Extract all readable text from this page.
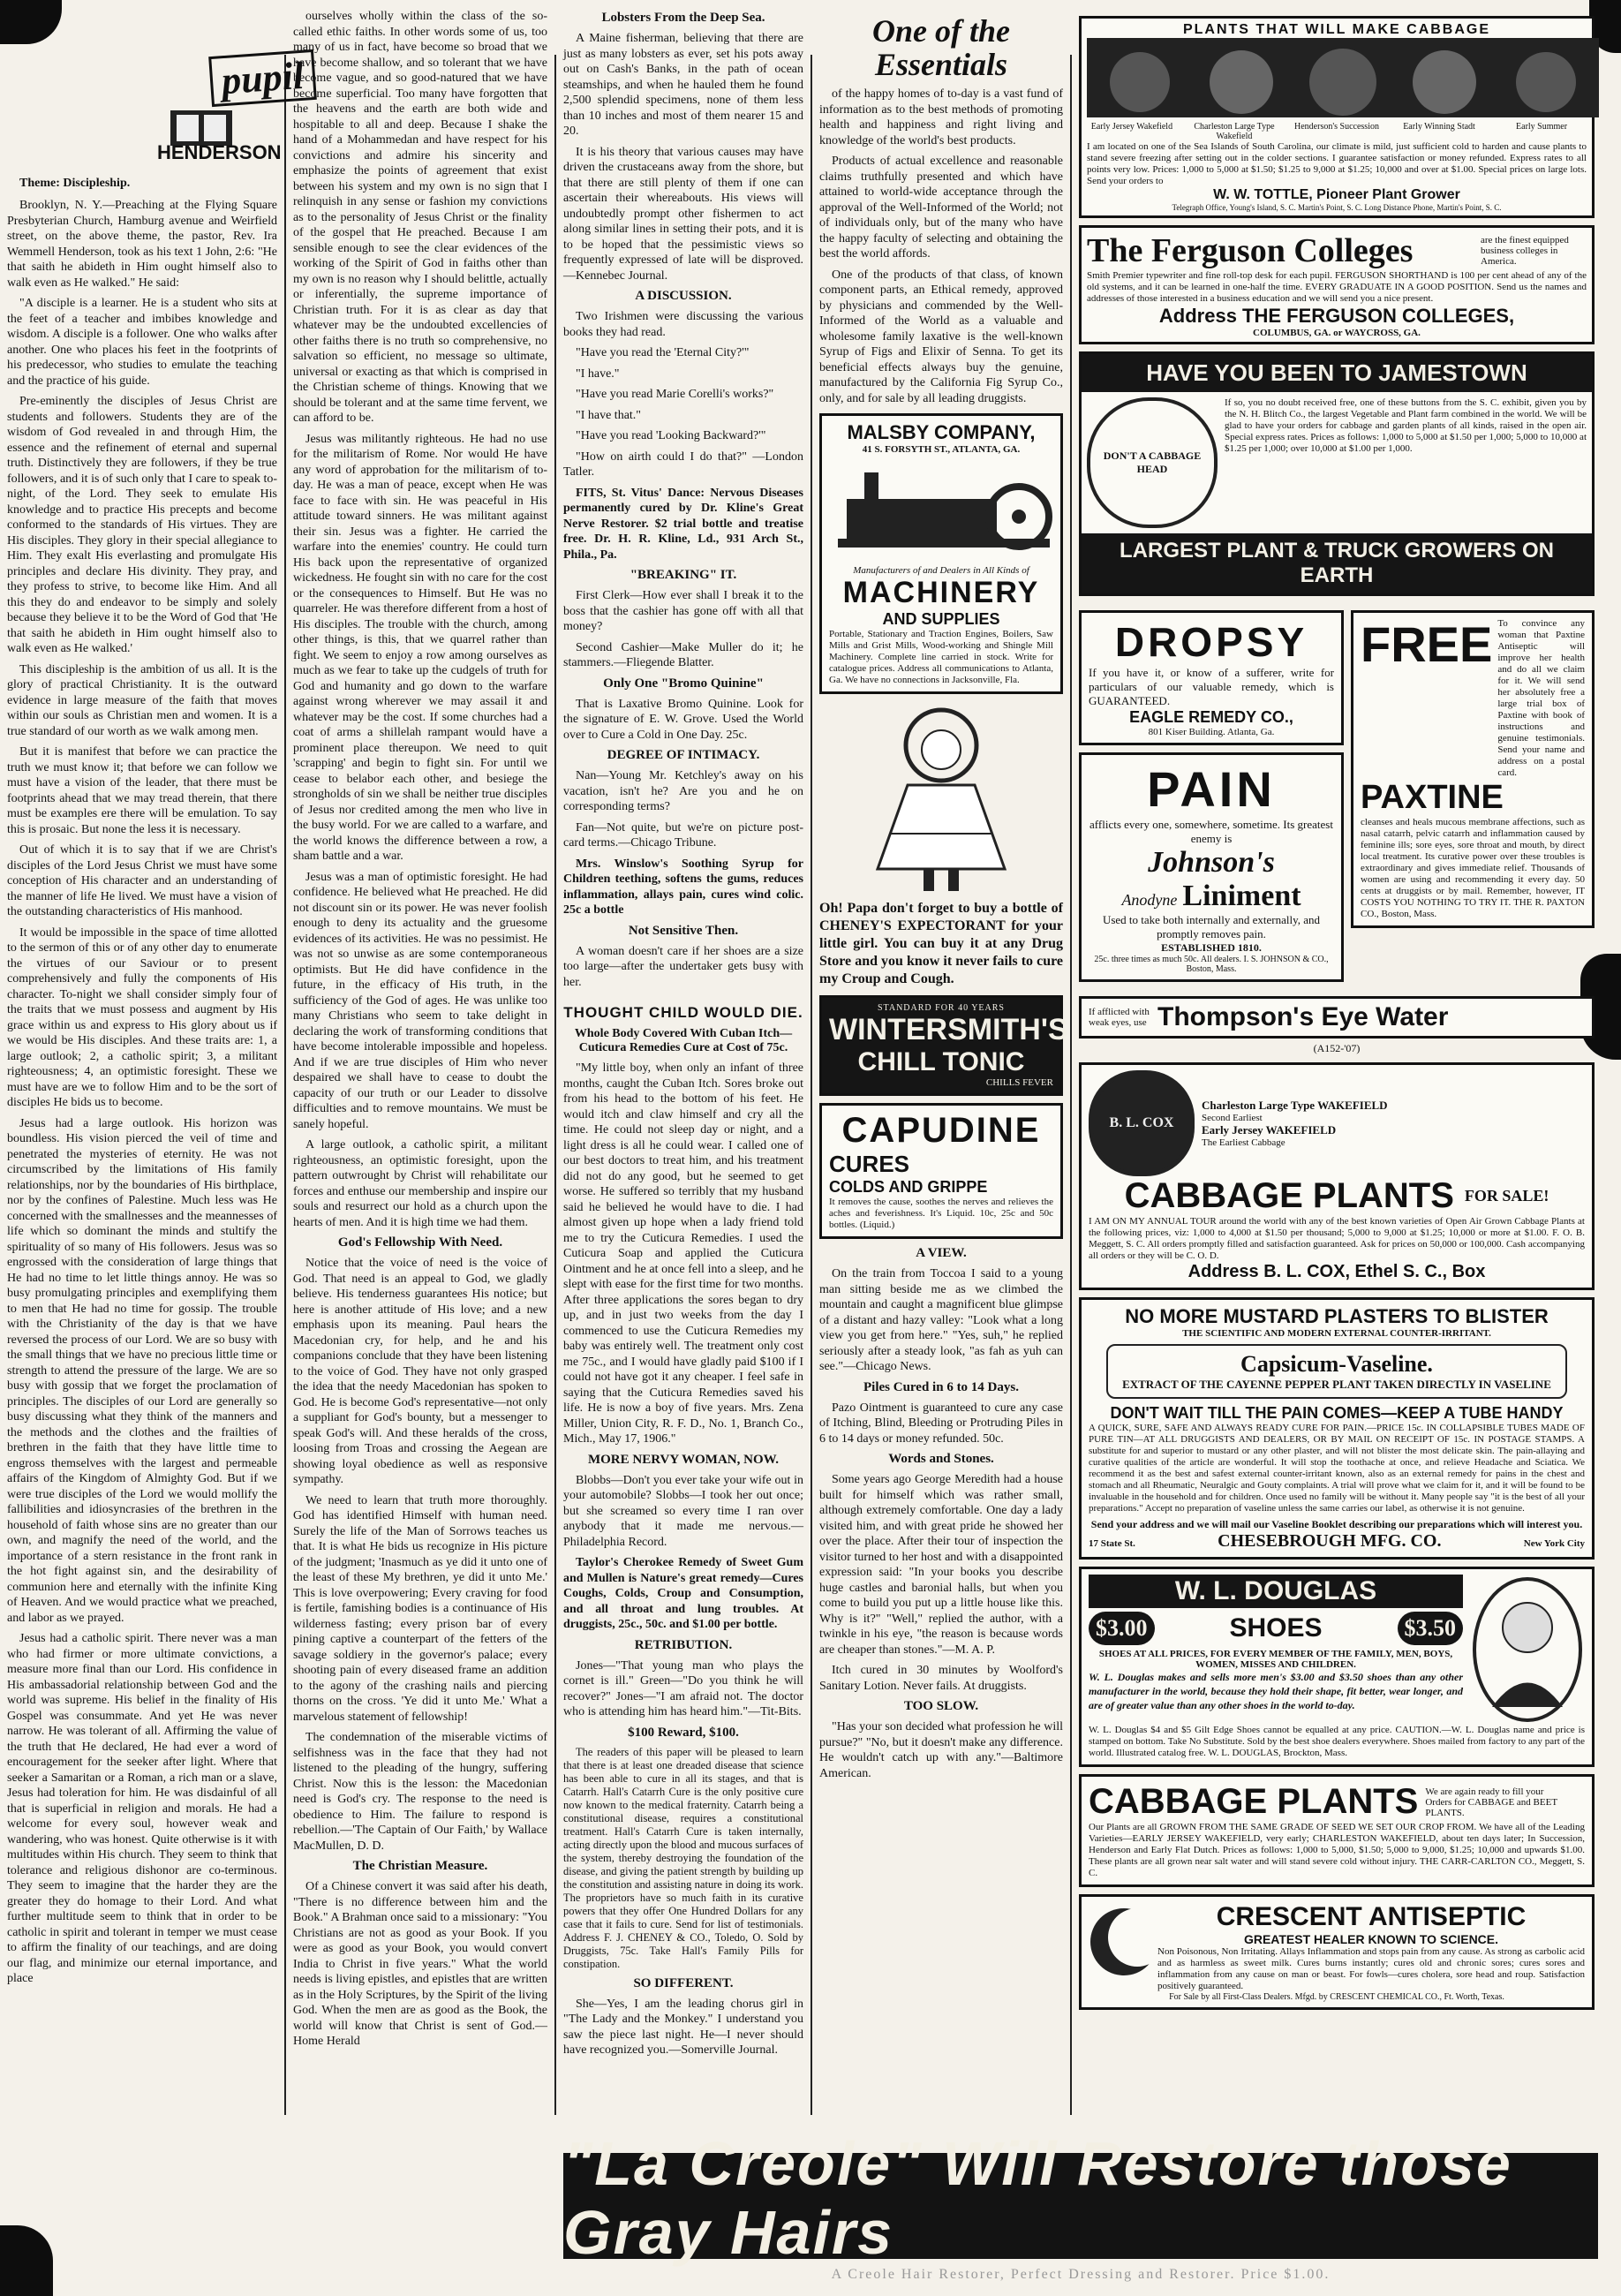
pupil
HENDERSON
Theme: Discipleship.

Brooklyn, N. Y.—Preaching at the Flying Square Presbyterian Church, Hamburg avenue and Weirfield street, on the above theme, the pastor, Rev. Ira Wemmell Henderson, took as his text 1 John, 2:6: "He that saith he abideth in Him ought himself also to walk even as He walked." He said:

"A disciple is a learner. He is a student who sits at the feet of a teacher and imbibes knowledge and wisdom. A disciple is a follower. One who walks after another. One who places his feet in the footprints of his predecessor, who studies to emulate the teaching and the practice of his guide.

Pre-eminently the disciples of Jesus Christ are students and followers. Students they are of the wisdom of God revealed in and through Him, the essence and the refinement of eternal and supernal truth. Distinctively they are followers, if they be true followers, and it is of such only that I care to speak to-night, of the Lord. They seek to emulate His knowledge and to practice His precepts and become conformed to the standards of His virtues. They are His disciples. They glory in their special allegiance to Him. They exalt His everlasting and promulgate His principles and declare His divinity. They pray, and they profess to strive, to become like Him. And all this they do and endeavor to be simply and solely because they believe it to be the Word of God that 'He that saith he abideth in Him ought himself also to walk even as He walked.'

This discipleship is the ambition of us all. It is the glory of practical Christianity. It is the outward evidence in large measure of the faith that moves within our souls as Christian men and women. It is a true standard of our worth as we walk among men.

But it is manifest that before we can practice the truth we must know it; that before we can follow we must have a vision of the leader, that there must be footprints ahead that we may tread therein, that there must be examples ere there will be emulation. To say this is prosaic. But none the less it is necessary.

Out of which it is to say that if we are Christ's disciples of the Lord Jesus Christ we must have some conception of His character and an understanding of the manner of life He lived. We must have a vision of the outstanding characteristics of His manhood.

It would be impossible in the space of time allotted to the sermon of this or of any other day to enumerate the virtues of our Saviour or to present comprehensively and fully the components of His character. To-night we shall consider simply four of the traits that we must possess and augment by His grace within us and express to His glory about us if we would be His disciples. And these traits are: 1, a large outlook; 2, a catholic spirit; 3, a militant righteousness; 4, an optimistic foresight. These we must have are we to follow Him and to be the sort of disciples He bids us to become.

Jesus had a large outlook. His horizon was boundless. His vision pierced the veil of time and penetrated the mysteries of eternity. He was not circumscribed by the limitations of His family relationships, nor by the boundaries of His birthplace, nor by the confines of Palestine. Much less was He concerned with the smallnesses and the meannesses of life which so dominant the minds and stultify the spirituality of so many of His followers. Jesus was so engrossed with the consideration of large things that He had no time to let little things annoy. He was so busy promulgating principles and exemplifying them to men that He had no time for gossip. The trouble with the Christianity of the day is that we have reversed the process of our Lord. We are so busy with the small things that we have no precious little time or strength to attend the pressure of the large. We are so busy with gossip that we forget the proclamation of principles. The disciples of our Lord are generally so busy discussing what they think of the manners and the methods and the clothes and the frailties of brethren in the faith that they have little time to engross themselves with the largest and permeable affairs of the Kingdom of Almighty God. But if we were true disciples of the Lord we would mollify the fallibilities and idiosyncrasies of the brethren in the household of faith whose sins are no greater than our own, and magnify the need of the world, and the importance of a stern resistance in the front rank in the hot fight against sin, and the desirability of communion here and eternally with the infinite King of Heaven. And we would practice what we preached, and labor as we prayed.

Jesus had a catholic spirit. There never was a man who had firmer or more ultimate convictions, a measure more final than our Lord. His confidence in His ambassadorial relationship between God and the world was supreme. His belief in the finality of His Gospel was consummate. And yet He was never narrow. He was tolerant of all. Affirming the value of the truth that He declared, He had ever a word of encouragement for the seeker after light. Where that seeker a Samaritan or a Roman, a rich man or a slave, Jesus had toleration for him. He was disdainful of all that is superficial in religion and morals. He had a welcome for every soul, however weak and wandering, who was honest. Quite otherwise is it with multitudes within His church. They seem to think that tolerance and religious dishonor are co-terminous. They seem to imagine that the harder they are the greater they do homage to their Lord. And what further multitude seem to think that in order to be catholic in spirit and tolerant in temper we must cease to affirm the finality of our teachings, and are doing our flag, and minimize our eternal importance, and place

ourselves wholly within the class of the so-called ethic faiths. In other words some of us, too many of us in fact, have become so broad that we have become shallow, and so tolerant that we have become vague, and so good-natured that we have become superficial. Too many have forgotten that the heavens and the earth are both wide and hospitable to all and deep. Because I shake the hand of a Mohammedan and have respect for his convictions and admire his sincerity and emphasize the points of agreement that exist between his system and my own is no sign that I relinquish in any sense or fashion my convictions as to the personality of Jesus Christ or the finality of the gospel that He preached. Because I am sensible enough to see the clear evidences of the working of the Spirit of God in faiths other than my own is no reason why I should belittle, actually or inferentially, the supreme importance of Christian truth. For it is as clear as day that whatever may be the undoubted excellencies of other faiths there is no truth so comprehensive, no salvation so efficient, no message so ultimate, universal or exacting as that which is comprised in the Christian scheme of things. Knowing that we should be tolerant and at the same time fervent, we can afford to be.

Jesus was militantly righteous. He had no use for the militarism of Rome. Nor would He have any word of approbation for the militarism of to-day. He was a man of peace, except when He was face to face with sin. He was peaceful in His attitude toward sinners. He was militant against their sin. Jesus was a fighter. He carried the warfare into the enemies' country. He could turn His back upon the representative of organized wickedness. He fought sin with no care for the cost or the consequences to Himself. But He was no quarreler. He was therefore different from a host of His disciples. The trouble with the church, among other things, is this, that we quarrel rather than fight. We seem to enjoy a row among ourselves as much as we fear to take up the cudgels of truth for God and humanity and go down to the warfare against wrong wherever we may assail it and whatever may be the cost. If some churches had a coat of arms a shillelah rampant would have a prominent place thereupon. We need to quit 'scrapping' and begin to fight sin. For until we cease to belabor each other, and besiege the strongholds of sin we shall be neither true disciples of Jesus nor credited among the men who live in the busy world. For we are called to a warfare, and the world knows the difference between a row, a sham battle and a war.

Jesus was a man of optimistic foresight. He had confidence. He believed what He preached. He did not discount sin or its power. He was never foolish enough to deny its actuality and the gruesome evidences of its activities. He was no pessimist. He was not so unwise as are some contemporaneous optimists. But He did have confidence in the future, in the efficacy of His truth, in the sufficiency of the God of ages. He was unlike too many Christians who seem to take delight in declaring the work of transforming conditions that have become intolerable impossible and hopeless. And if we are true disciples of Him who never despaired we shall have to cease to doubt the capacity of our truth or our Leader to dissolve difficulties and to remove mountains. We must be sanely hopeful.

A large outlook, a catholic spirit, a militant righteousness, an optimistic foresight, upon the pattern outwrought by Christ will rehabilitate our forces and enthuse our membership and inspire our souls and resurrect our hold as a church upon the hearts of men. And it is high time we had them.

God's Fellowship With Need.

Notice that the voice of need is the voice of God. That need is an appeal to God, we gladly believe. His tenderness guarantees His notice; but here is another attitude of His love; and a new emphasis upon its meaning. Paul hears the Macedonian cry, for help, and he and his companions conclude that they have been listening to the voice of God. They have not only grasped the idea that the needy Macedonian has spoken to God. He is become God's representative—not only a suppliant for God's bounty, but a messenger to speak God's will. And these heralds of the cross, loosing from Troas and crossing the Aegean are showing loyal obedience as well as responsive sympathy.

We need to learn that truth more thoroughly. God has identified Himself with human need. Surely the life of the Man of Sorrows teaches us that. It is what He bids us recognize in His picture of the judgment; 'Inasmuch as ye did it unto one of the least of these My brethren, ye did it unto Me.' This is love overpowering; Every craving for food is fertile, famishing bodies is a continuance of His wilderness fasting; every prison bar of every pining captive a counterpart of the fetters of the savage soldiery in the governor's palace; every shooting pain of every diseased frame an addition to the agony of the crashing nails and piercing thorns on the cross. 'Ye did it unto Me.' What a marvelous statement of fellowship!

The condemnation of the miserable victims of selfishness was in the face that they had not listened to the pleading of the hungry, suffering Christ. Now this is the lesson: the Macedonian need is God's cry. The response to the need is obedience to Him. The failure to respond is rebellion.—'The Captain of Our Faith,' by Wallace MacMullen, D. D.

The Christian Measure.

Of a Chinese convert it was said after his death, "There is no difference between him and the Book." A Brahman once said to a missionary: "You Christians are not as good as your Book. If you were as good as your Book, you would convert India to Christ in five years." What the world needs is living epistles, and epistles that are written as in the Holy Scriptures, by the Spirit of the living God. When the men are as good as the Book, the world will know that Christ is sent of God.—Home Herald

Lobsters From the Deep Sea.

A Maine fisherman, believing that there are just as many lobsters as ever, set his pots away out on Cash's Banks, in the path of ocean steamships, and when he hauled them he found 2,500 splendid specimens, none of them less than 10 inches and most of them nearer 15 and 20.

It is his theory that various causes may have driven the crustaceans away from the shore, but that there are still plenty of them if one can ascertain their whereabouts. His views will undoubtedly prompt other fishermen to act along similar lines in setting their pots, and it is to be hoped that the pessimistic views so frequently expressed of late will be disproved. —Kennebec Journal.

A DISCUSSION.

Two Irishmen were discussing the various books they had read.

"Have you read the 'Eternal City?'"

"I have."

"Have you read Marie Corelli's works?"

"I have that."

"Have you read 'Looking Backward?'"

"How on airth could I do that?" —London Tatler.

FITS, St. Vitus' Dance: Nervous Diseases permanently cured by Dr. Kline's Great Nerve Restorer. $2 trial bottle and treatise free. Dr. H. R. Kline, Ld., 931 Arch St., Phila., Pa.

"BREAKING" IT.

First Clerk—How ever shall I break it to the boss that the cashier has gone off with all that money?

Second Cashier—Make Muller do it; he stammers.—Fliegende Blatter.

Only One "Bromo Quinine"

That is Laxative Bromo Quinine. Look for the signature of E. W. Grove. Used the World over to Cure a Cold in One Day. 25c.

DEGREE OF INTIMACY.

Nan—Young Mr. Ketchley's away on his vacation, isn't he? Are you and he on corresponding terms?

Fan—Not quite, but we're on picture post-card terms.—Chicago Tribune.

Mrs. Winslow's Soothing Syrup for Children teething, softens the gums, reduces inflammation, allays pain, cures wind colic. 25c a bottle

Not Sensitive Then.

A woman doesn't care if her shoes are a size too large—after the undertaker gets busy with her.

THOUGHT CHILD WOULD DIE.
Whole Body Covered With Cuban Itch—Cuticura Remedies Cure at Cost of 75c.

"My little boy, when only an infant of three months, caught the Cuban Itch. Sores broke out from his head to the bottom of his feet. He would itch and claw himself and cry all the time. He could not sleep day or night, and a light dress is all he could wear. I called one of our best doctors to treat him, and his treatment did not do any good, but he seemed to get worse. He suffered so terribly that my husband said he believed he would have to die. I had almost given up hope when a lady friend told me to try the Cuticura Remedies. I used the Cuticura Soap and applied the Cuticura Ointment and he at once fell into a sleep, and he slept with ease for the first time for two months. After three applications the sores began to dry up, and in just two weeks from the day I commenced to use the Cuticura Remedies my baby was entirely well. The treatment only cost me 75c., and I would have gladly paid $100 if I could not have got it any cheaper. I feel safe in saying that the Cuticura Remedies saved his life. He is now a boy of five years. Mrs. Zena Miller, Union City, R. F. D., No. 1, Branch Co., Mich., May 17, 1906."

MORE NERVY WOMAN, NOW.

Blobbs—Don't you ever take your wife out in your automobile? Slobbs—I took her out once; but she screamed so every time I ran over anybody that it made me nervous.—Philadelphia Record.

Taylor's Cherokee Remedy of Sweet Gum and Mullen is Nature's great remedy—Cures Coughs, Colds, Croup and Consumption, and all throat and lung troubles. At druggists, 25c., 50c. and $1.00 per bottle.

RETRIBUTION.

Jones—"That young man who plays the cornet is ill." Green—"Do you think he will recover?" Jones—"I am afraid not. The doctor who is attending him has heard him."—Tit-Bits.

$100 Reward, $100.

The readers of this paper will be pleased to learn that there is at least one dreaded disease that science has been able to cure in all its stages, and that is Catarrh. Hall's Catarrh Cure is the only positive cure now known to the medical fraternity. Catarrh being a constitutional disease, requires a constitutional treatment. Hall's Catarrh Cure is taken internally, acting directly upon the blood and mucous surfaces of the system, thereby destroying the foundation of the disease, and giving the patient strength by building up the constitution and assisting nature in doing its work. The proprietors have so much faith in its curative powers that they offer One Hundred Dollars for any case that it fails to cure. Send for list of testimonials. Address F. J. CHENEY & CO., Toledo, O. Sold by Druggists, 75c. Take Hall's Family Pills for constipation.

SO DIFFERENT.

She—Yes, I am the leading chorus girl in "The Lady and the Monkey." I understand you saw the piece last night. He—I never should have recognized you.—Somerville Journal.

One of the Essentials

of the happy homes of to-day is a vast fund of information as to the best methods of promoting health and happiness and right living and knowledge of the world's best products.

Products of actual excellence and reasonable claims truthfully presented and which have attained to world-wide acceptance through the approval of the Well-Informed of the World; not of individuals only, but of the many who have the happy faculty of selecting and obtaining the best the world affords.

One of the products of that class, of known component parts, an Ethical remedy, approved by physicians and commended by the Well-Informed of the World as a valuable and wholesome family laxative is the well-known Syrup of Figs and Elixir of Senna. To get its beneficial effects always buy the genuine, manufactured by the California Fig Syrup Co., only, and for sale by all leading druggists.

MALSBY COMPANY,
41 S. FORSYTH ST., ATLANTA, GA.
Manufacturers of and Dealers in All Kinds of
MACHINERY
AND SUPPLIES
Portable, Stationary and Traction Engines, Boilers, Saw Mills and Grist Mills, Wood-working and Shingle Mill Machinery. Complete line carried in stock. Write for catalogue prices. Address all communications to Atlanta, Ga. We have no connections in Jacksonville, Fla.

Oh! Papa don't forget to buy a bottle of CHENEY'S EXPECTORANT for your little girl. You can buy it at any Drug Store and you know it never fails to cure my Croup and Cough.

STANDARD FOR 40 YEARS
WINTERSMITH'S
CHILL TONIC
CHILLS FEVER
CAPUDINE
CURES
COLDS AND GRIPPE
It removes the cause, soothes the nerves and relieves the aches and feverishness. It's Liquid. 10c, 25c and 50c bottles. (Liquid.)
A VIEW.

On the train from Toccoa I said to a young man sitting beside me as we climbed the mountain and caught a magnificent blue glimpse of a distant and hazy valley: "Look what a long view you get from here." "Yes, suh," he replied seriously after a steady look, "as fah as yuh can see."—Chicago News.

Piles Cured in 6 to 14 Days.

Pazo Ointment is guaranteed to cure any case of Itching, Blind, Bleeding or Protruding Piles in 6 to 14 days or money refunded. 50c.

Words and Stones.

Some years ago George Meredith had a house built for himself which was rather small, although extremely comfortable. One day a lady visited him, and with great pride he showed her over the place. After their tour of inspection the visitor turned to her host and with a disappointed expression said: "In your books you describe huge castles and baronial halls, but when you come to build you put up a little house like this. Why is it?" "Well," replied the author, with a twinkle in his eye, "the reason is because words are cheaper than stones."—M. A. P.

Itch cured in 30 minutes by Woolford's Sanitary Lotion. Never fails. At druggists.

TOO SLOW.

"Has your son decided what profession he will pursue?" "No, but it doesn't make any difference. He wouldn't catch up with any."—Baltimore American.

PLANTS THAT WILL MAKE CABBAGE
Early Jersey Wakefield	Charleston Large Type Wakefield
Henderson's Succession	Early Winning Stadt	Early Summer
I am located on one of the Sea Islands of South Carolina, our climate is mild, just sufficient cold to harden and cause plants to stand severe freezing after setting out in the colder sections. I guarantee satisfaction or money refunded. Express rates to all points very low. Prices: 1,000 to 5,000 at $1.50; $1.25 to 9,000 at $1.25; 10,000 and over at $1.00. Special prices on large lots. Send your orders to
W. W. TOTTLE, Pioneer Plant Grower
Telegraph Office, Young's Island, S. C. Martin's Point, S. C. Long Distance Phone, Martin's Point, S. C.
The Ferguson Colleges	are the finest equipped business colleges in America.
Smith Premier typewriter and fine roll-top desk for each pupil. FERGUSON SHORTHAND is 100 per cent ahead of any of the old systems, and it can be learned in one-half the time. EVERY GRADUATE IN A GOOD POSITION. Send us the names and addresses of those interested in a business education and we will send you a nice present.
Address THE FERGUSON COLLEGES,
COLUMBUS, GA. or WAYCROSS, GA.
HAVE YOU BEEN TO JAMESTOWN
DON'T A CABBAGE HEAD
If so, you no doubt received free, one of these buttons from the S. C. exhibit, given you by the N. H. Blitch Co., the largest Vegetable and Plant farm combined in the world. We will be glad to have your orders for cabbage and garden plants of all kinds, raised in the open air. Special express rates. Prices as follows: 1,000 to 5,000 at $1.50 per 1,000; 5,000 to 10,000 at $1.25 per 1,000; over 10,000 at $1.00 per 1,000.
LARGEST PLANT & TRUCK GROWERS ON EARTH
DROPSY
If you have it, or know of a sufferer, write for particulars of our valuable remedy, which is GUARANTEED.
EAGLE REMEDY CO.,
801 Kiser Building. Atlanta, Ga.
PAIN
afflicts every one, somewhere, sometime. Its greatest enemy is
Johnson's
Anodyne Liniment
Used to take both internally and externally, and promptly removes pain.
ESTABLISHED 1810.
25c. three times as much 50c. All dealers. I. S. JOHNSON & CO., Boston, Mass.
FREE To convince any woman that Paxtine Antiseptic will improve her health and do all we claim for it. We will send her absolutely free a large trial box of Paxtine with book of instructions and genuine testimonials. Send your name and address on a postal card.
PAXTINE
cleanses and heals mucous membrane affections, such as nasal catarrh, pelvic catarrh and inflammation caused by feminine ills; sore eyes, sore throat and mouth, by direct local treatment. Its curative power over these troubles is extraordinary and gives immediate relief. Thousands of women are using and recommending it every day. 50 cents at druggists or by mail. Remember, however, IT COSTS YOU NOTHING TO TRY IT. THE R. PAXTON CO., Boston, Mass.
If afflicted with weak eyes, use Thompson's Eye Water
(A152-'07)
B. L. COX
Charleston Large Type WAKEFIELD
Second Earliest
Early Jersey WAKEFIELD
The Earliest Cabbage
CABBAGE PLANTS FOR SALE!
I AM ON MY ANNUAL TOUR around the world with any of the best known varieties of Open Air Grown Cabbage Plants at the following prices, viz: 1,000 to 4,000 at $1.50 per thousand; 5,000 to 9,000 at $1.25; 10,000 or more at $1.00. F. O. B. Meggett, S. C. All orders promptly filled and satisfaction guaranteed. Ask for prices on 50,000 or 100,000. Cash accompanying all orders or they will be C. O. D.
Address B. L. COX, Ethel S. C., Box
NO MORE MUSTARD PLASTERS TO BLISTER
THE SCIENTIFIC AND MODERN EXTERNAL COUNTER-IRRITANT.
Capsicum-Vaseline.
EXTRACT OF THE CAYENNE PEPPER PLANT TAKEN DIRECTLY IN VASELINE
DON'T WAIT TILL THE PAIN COMES—KEEP A TUBE HANDY
A QUICK, SURE, SAFE AND ALWAYS READY CURE FOR PAIN.—PRICE 15c. IN COLLAPSIBLE TUBES MADE OF PURE TIN—AT ALL DRUGGISTS AND DEALERS, OR BY MAIL ON RECEIPT OF 15c. IN POSTAGE STAMPS. A substitute for and superior to mustard or any other plaster, and will not blister the most delicate skin. The pain-allaying and curative qualities of the article are wonderful. It will stop the toothache at once, and relieve Headache and Sciatica. We recommend it as the best and safest external counter-irritant known, also as an external remedy for pains in the chest and stomach and all Rheumatic, Neuralgic and Gouty complaints. A trial will prove what we claim for it, and it will be found to be invaluable in the household and for children. Once used no family will be without it. Many people say "it is the best of all your preparations." Accept no preparation of vaseline unless the same carries our label, as otherwise it is not genuine.
Send your address and we will mail our Vaseline Booklet describing our preparations which will interest you.
17 State St.	CHESEBROUGH MFG. CO.	New York City
W. L. DOUGLAS
$3.00	SHOES	$3.50
SHOES AT ALL PRICES, FOR EVERY MEMBER OF THE FAMILY, MEN, BOYS, WOMEN, MISSES AND CHILDREN.
W. L. Douglas makes and sells more men's $3.00 and $3.50 shoes than any other manufacturer in the world, because they hold their shape, fit better, wear longer, and are of greater value than any other shoes in the world to-day.
W. L. Douglas $4 and $5 Gilt Edge Shoes cannot be equalled at any price. CAUTION.—W. L. Douglas name and price is stamped on bottom. Take No Substitute. Sold by the best shoe dealers everywhere. Shoes mailed from factory to any part of the world. Illustrated catalog free. W. L. DOUGLAS, Brockton, Mass.
CABBAGE PLANTS We are again ready to fill your Orders for CABBAGE and BEET PLANTS.
Our Plants are all GROWN FROM THE SAME GRADE OF SEED WE SET OUR CROP FROM. We have all of the Leading Varieties—EARLY JERSEY WAKEFIELD, very early; CHARLESTON WAKEFIELD, about ten days later; In Succession, Henderson and Early Flat Dutch. Prices as follows: 1,000 to 5,000, $1.50; 5,000 to 9,000, $1.25; 10,000 and upwards $1.00. These plants are all grown near salt water and will stand severe cold without injury. THE CARR-CARLTON CO., Meggett, S. C.
CRESCENT ANTISEPTIC
GREATEST HEALER KNOWN TO SCIENCE.
Non Poisonous, Non Irritating. Allays Inflammation and stops pain from any cause. As strong as carbolic acid and as harmless as sweet milk. Cures burns instantly; cures old and chronic sores; cures sores and inflammation from any cause on man or beast. For fowls—cures cholera, sore head and roup. Satisfaction positively guaranteed.
For Sale by all First-Class Dealers. Mfgd. by CRESCENT CHEMICAL CO., Ft. Worth, Texas.
"La Creole" Will Restore those Gray Hairs
A Creole Hair Restorer, Perfect Dressing and Restorer. Price $1.00.
